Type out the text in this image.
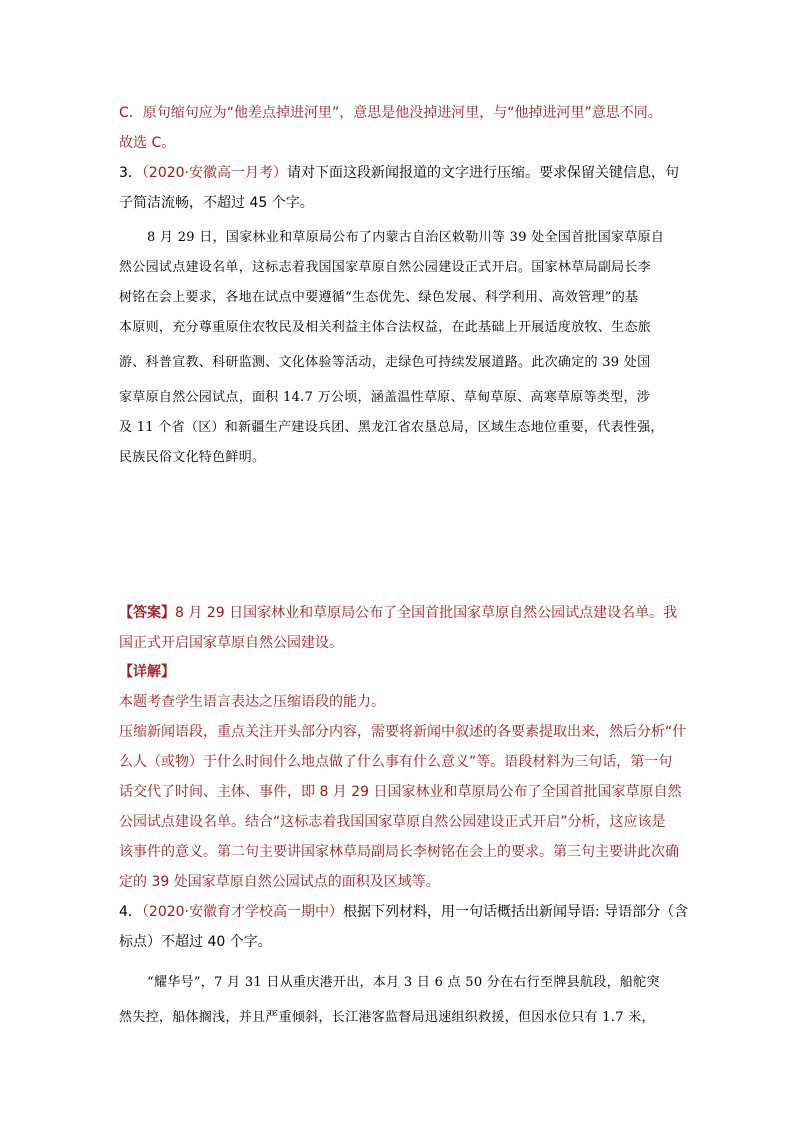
C．原句缩句应为“他差点掉进河里”，意思是他没掉进河里，与“他掉进河里”意思不同。
故选 C。
3．（2020·安徽高一月考）请对下面这段新闻报道的文字进行压缩。要求保留关键信息，句
子简洁流畅，不超过 45 个字。
8 月 29 日，国家林业和草原局公布了内蒙古自治区敕勒川等 39 处全国首批国家草原自
然公园试点建设名单，这标志着我国国家草原自然公园建设正式开启。国家林草局副局长李
树铭在会上要求，各地在试点中要遵循“生态优先、绿色发展、科学利用、高效管理”的基
本原则，充分尊重原住农牧民及相关利益主体合法权益，在此基础上开展适度放牧、生态旅
游、科普宣教、科研监测、文化体验等活动，走绿色可持续发展道路。此次确定的 39 处国
家草原自然公园试点，面积 14.7 万公顷，涵盖温性草原、草甸草原、高寒草原等类型，涉
及 11 个省（区）和新疆生产建设兵团、黑龙江省农垦总局，区域生态地位重要，代表性强，
民族民俗文化特色鲜明。
【答案】8 月 29 日国家林业和草原局公布了全国首批国家草原自然公园试点建设名单。我
国正式开启国家草原自然公园建设。
【详解】
本题考查学生语言表达之压缩语段的能力。
压缩新闻语段，重点关注开头部分内容，需要将新闻中叙述的各要素提取出来，然后分析“什
么人（或物）于什么时间什么地点做了什么事有什么意义”等。语段材料为三句话，第一句
话交代了时间、主体、事件，即 8 月 29 日国家林业和草原局公布了全国首批国家草原自然
公园试点建设名单。结合“这标志着我国国家草原自然公园建设正式开启”分析，这应该是
该事件的意义。第二句主要讲国家林草局副局长李树铭在会上的要求。第三句主要讲此次确
定的 39 处国家草原自然公园试点的面积及区域等。
4．（2020·安徽育才学校高一期中）根据下列材料，用一句话概括出新闻导语: 导语部分（含
标点）不超过 40 个字。
“耀华号”，7 月 31 日从重庆港开出，本月 3 日 6 点 50 分在右行至牌县航段，船舵突
然失控，船体搁浅，并且严重倾斜，长江港客监督局迅速组织救援，但因水位只有 1.7 米，
